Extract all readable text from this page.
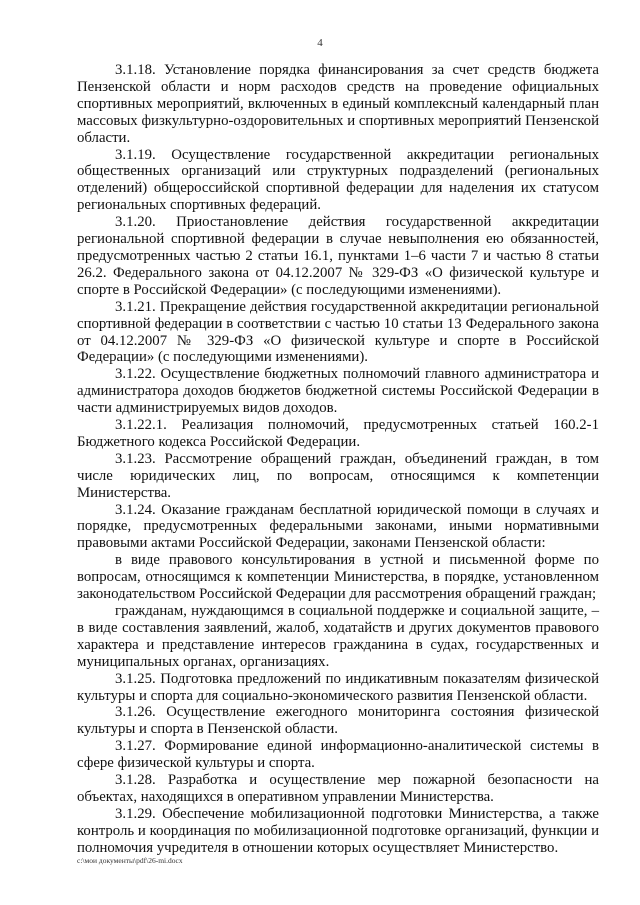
4

3.1.18. Установление порядка финансирования за счет средств бюджета Пензенской области и норм расходов средств на проведение официальных спортивных мероприятий, включенных в единый комплексный календарный план массовых физкультурно-оздоровительных и спортивных мероприятий Пензенской области.

3.1.19. Осуществление государственной аккредитации региональных общественных организаций или структурных подразделений (региональных отделений) общероссийской спортивной федерации для наделения их статусом региональных спортивных федераций.

3.1.20. Приостановление действия государственной аккредитации региональной спортивной федерации в случае невыполнения ею обязанностей, предусмотренных частью 2 статьи 16.1, пунктами 1–6 части 7 и частью 8 статьи 26.2. Федерального закона от 04.12.2007 № 329-ФЗ «О физической культуре и спорте в Российской Федерации» (с последующими изменениями).

3.1.21. Прекращение действия государственной аккредитации региональной спортивной федерации в соответствии с частью 10 статьи 13 Федерального закона от 04.12.2007 № 329-ФЗ «О физической культуре и спорте в Российской Федерации» (с последующими изменениями).

3.1.22. Осуществление бюджетных полномочий главного администратора и администратора доходов бюджетов бюджетной системы Российской Федерации в части администрируемых видов доходов.

3.1.22.1. Реализация полномочий, предусмотренных статьей 160.2-1 Бюджетного кодекса Российской Федерации.

3.1.23. Рассмотрение обращений граждан, объединений граждан, в том числе юридических лиц, по вопросам, относящимся к компетенции Министерства.

3.1.24. Оказание гражданам бесплатной юридической помощи в случаях и порядке, предусмотренных федеральными законами, иными нормативными правовыми актами Российской Федерации, законами Пензенской области:

в виде правового консультирования в устной и письменной форме по вопросам, относящимся к компетенции Министерства, в порядке, установленном законодательством Российской Федерации для рассмотрения обращений граждан;

гражданам, нуждающимся в социальной поддержке и социальной защите, – в виде составления заявлений, жалоб, ходатайств и других документов правового характера и представление интересов гражданина в судах, государственных и муниципальных органах, организациях.

3.1.25. Подготовка предложений по индикативным показателям физической культуры и спорта для социально-экономического развития Пензенской области.

3.1.26. Осуществление ежегодного мониторинга состояния физической культуры и спорта в Пензенской области.

3.1.27. Формирование единой информационно-аналитической системы в сфере физической культуры и спорта.

3.1.28. Разработка и осуществление мер пожарной безопасности на объектах, находящихся в оперативном управлении Министерства.

3.1.29. Обеспечение мобилизационной подготовки Министерства, а также контроль и координация по мобилизационной подготовке организаций, функции и полномочия учредителя в отношении которых осуществляет Министерство.

c:\мои документы\pdf\26-mi.docx
